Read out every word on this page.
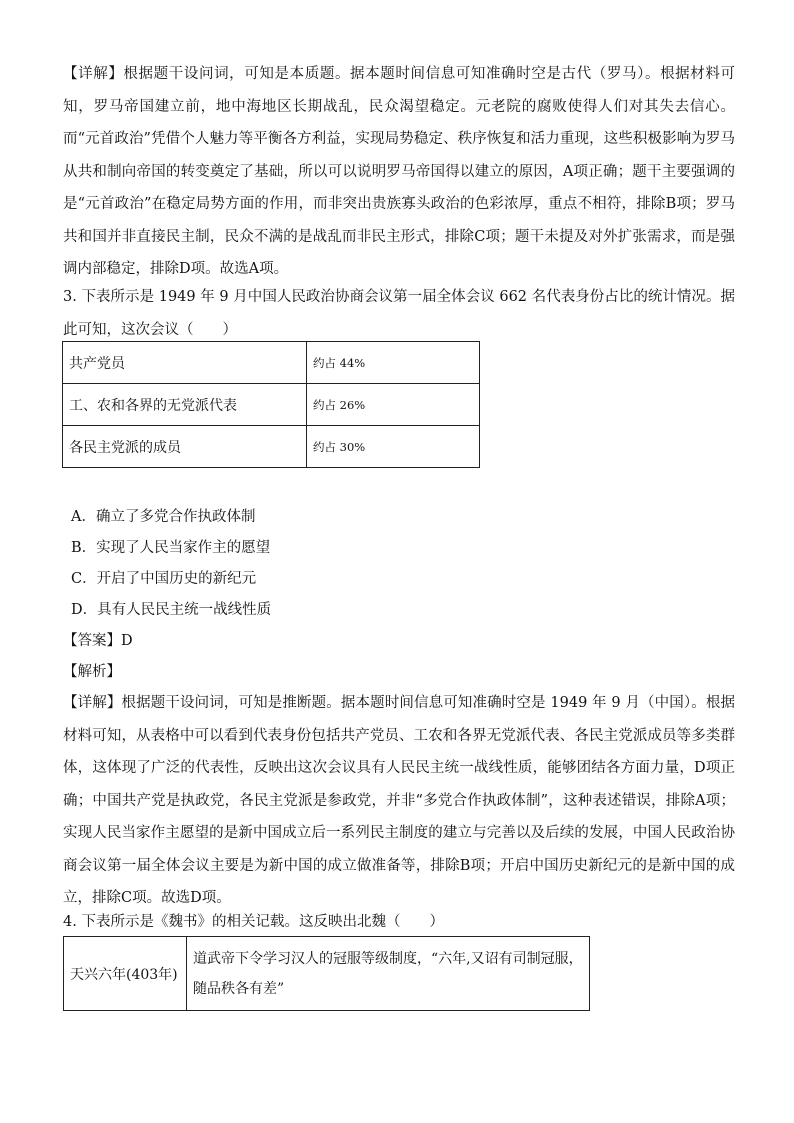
【详解】根据题干设问词，可知是本质题。据本题时间信息可知准确时空是古代（罗马）。根据材料可知，罗马帝国建立前，地中海地区长期战乱，民众渴望稳定。元老院的腐败使得人们对其失去信心。而“元首政治”凭借个人魅力等平衡各方利益，实现局势稳定、秩序恢复和活力重现，这些积极影响为罗马从共和制向帝国的转变奠定了基础，所以可以说明罗马帝国得以建立的原因，A项正确；题干主要强调的是“元首政治”在稳定局势方面的作用，而非突出贵族寡头政治的色彩浓厚，重点不相符，排除B项；罗马共和国并非直接民主制，民众不满的是战乱而非民主形式，排除C项；题干未提及对外扩张需求，而是强调内部稳定，排除D项。故选A项。
3. 下表所示是 1949 年 9 月中国人民政治协商会议第一届全体会议 662 名代表身份占比的统计情况。据此可知，这次会议（　　）
共产党员	约占 44%
工、农和各界的无党派代表	约占 26%
各民主党派的成员	约占 30%
A．确立了多党合作执政体制
B．实现了人民当家作主的愿望
C．开启了中国历史的新纪元
D．具有人民民主统一战线性质
【答案】D
【解析】
【详解】根据题干设问词，可知是推断题。据本题时间信息可知准确时空是 1949 年 9 月（中国）。根据材料可知，从表格中可以看到代表身份包括共产党员、工农和各界无党派代表、各民主党派成员等多类群体，这体现了广泛的代表性，反映出这次会议具有人民民主统一战线性质，能够团结各方面力量，D项正确；中国共产党是执政党，各民主党派是参政党，并非“多党合作执政体制”，这种表述错误，排除A项；实现人民当家作主愿望的是新中国成立后一系列民主制度的建立与完善以及后续的发展，中国人民政治协商会议第一届全体会议主要是为新中国的成立做准备等，排除B项；开启中国历史新纪元的是新中国的成立，排除C项。故选D项。
4. 下表所示是《魏书》的相关记载。这反映出北魏（　　）
天兴六年(403年)	道武帝下令学习汉人的冠服等级制度，“六年,又诏有司制冠服，随品秩各有差”
